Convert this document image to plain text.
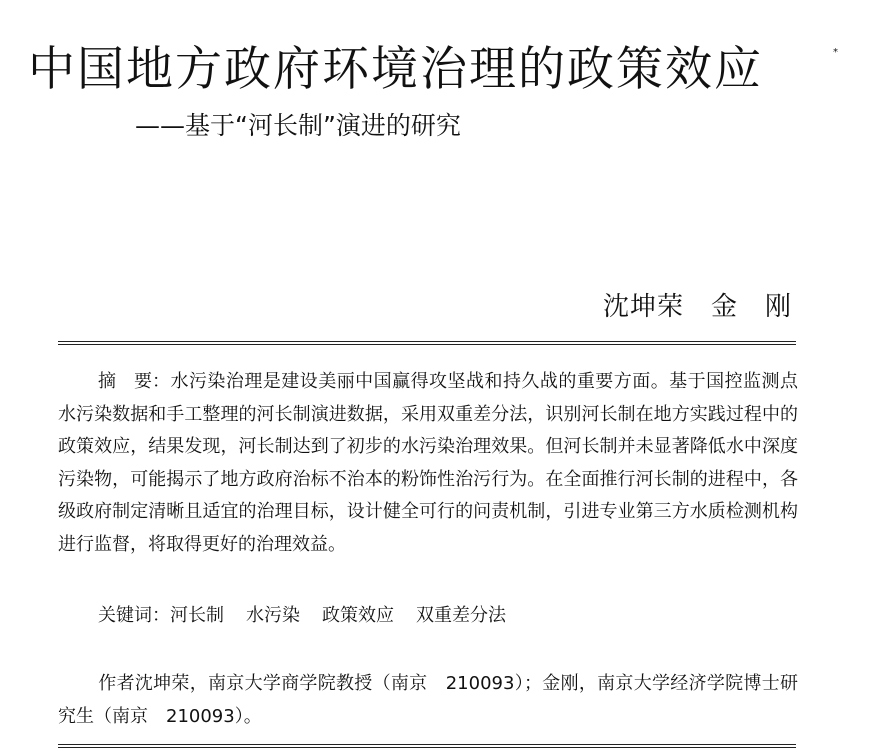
中国地方政府环境治理的政策效应	*
——基于“河长制”演进的研究
沈坤荣　金　刚
摘　要：水污染治理是建设美丽中国赢得攻坚战和持久战的重要方面。基于国控监测点水污染数据和手工整理的河长制演进数据，采用双重差分法，识别河长制在地方实践过程中的政策效应，结果发现，河长制达到了初步的水污染治理效果。但河长制并未显著降低水中深度污染物，可能揭示了地方政府治标不治本的粉饰性治污行为。在全面推行河长制的进程中，各级政府制定清晰且适宜的治理目标，设计健全可行的问责机制，引进专业第三方水质检测机构进行监督，将取得更好的治理效益。
关键词：河长制 水污染 政策效应 双重差分法
作者沈坤荣，南京大学商学院教授（南京　210093）；金刚，南京大学经济学院博士研究生（南京　210093）。
